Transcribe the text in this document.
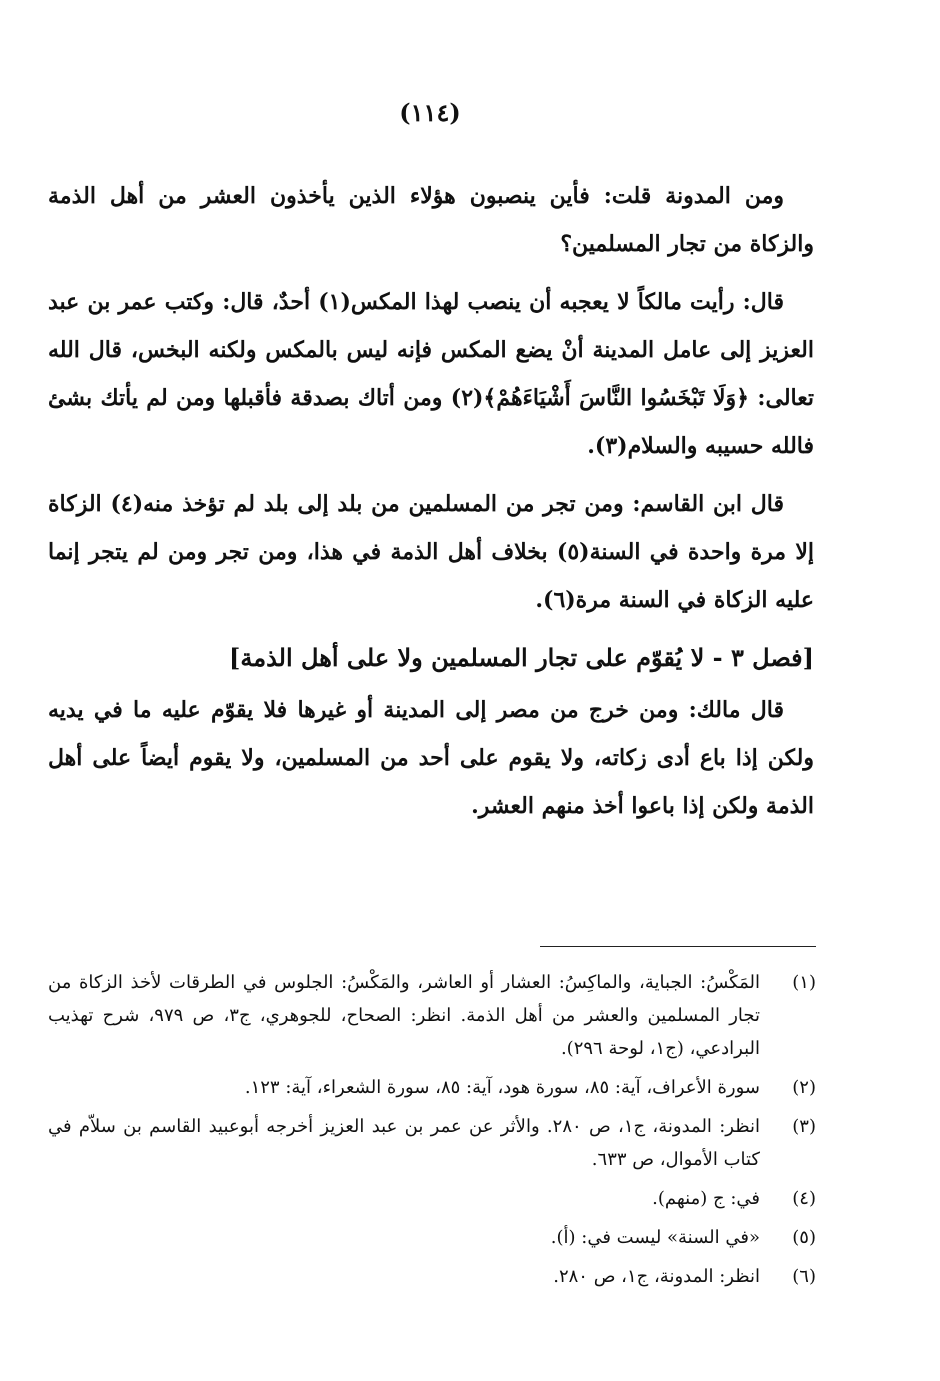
(١١٤)

ومن المدونة قلت: فأين ينصبون هؤلاء الذين يأخذون العشر من أهل الذمة والزكاة من تجار المسلمين؟

قال: رأيت مالكاً لا يعجبه أن ينصب لهذا المكس(١) أحدٌ، قال: وكتب عمر بن عبد العزيز إلى عامل المدينة أنْ يضع المكس فإنه ليس بالمكس ولكنه البخس، قال الله تعالى: ﴿وَلَا تَبْخَسُوا النَّاسَ أَشْيَاءَهُمْ﴾(٢) ومن أتاك بصدقة فأقبلها ومن لم يأتك بشئ فالله حسيبه والسلام(٣).

قال ابن القاسم: ومن تجر من المسلمين من بلد إلى بلد لم تؤخذ منه(٤) الزكاة إلا مرة واحدة في السنة(٥) بخلاف أهل الذمة في هذا، ومن تجر ومن لم يتجر إنما عليه الزكاة في السنة مرة(٦).

[فصل ٣ - لا يُقوّم على تجار المسلمين ولا على أهل الذمة]

قال مالك: ومن خرج من مصر إلى المدينة أو غيرها فلا يقوّم عليه ما في يديه ولكن إذا باع أدى زكاته، ولا يقوم على أحد من المسلمين، ولا يقوم أيضاً على أهل الذمة ولكن إذا باعوا أخذ منهم العشر.

(١)
المَكْسُ: الجباية، والماكِسُ: العشار أو العاشر، والمَكْسُ: الجلوس في الطرقات لأخذ الزكاة من تجار المسلمين والعشر من أهل الذمة. انظر: الصحاح، للجوهري، ج٣، ص ٩٧٩، شرح تهذيب البرادعي، (ج١، لوحة ٢٩٦).
(٢)
سورة الأعراف، آية: ٨٥، سورة هود، آية: ٨٥، سورة الشعراء، آية: ١٢٣.
(٣)
انظر: المدونة، ج١، ص ٢٨٠. والأثر عن عمر بن عبد العزيز أخرجه أبوعبيد القاسم بن سلاّم في كتاب الأموال، ص ٦٣٣.
(٤)
في: ج (منهم).
(٥)
«في السنة» ليست في: (أ).
(٦)
انظر: المدونة، ج١، ص ٢٨٠.
